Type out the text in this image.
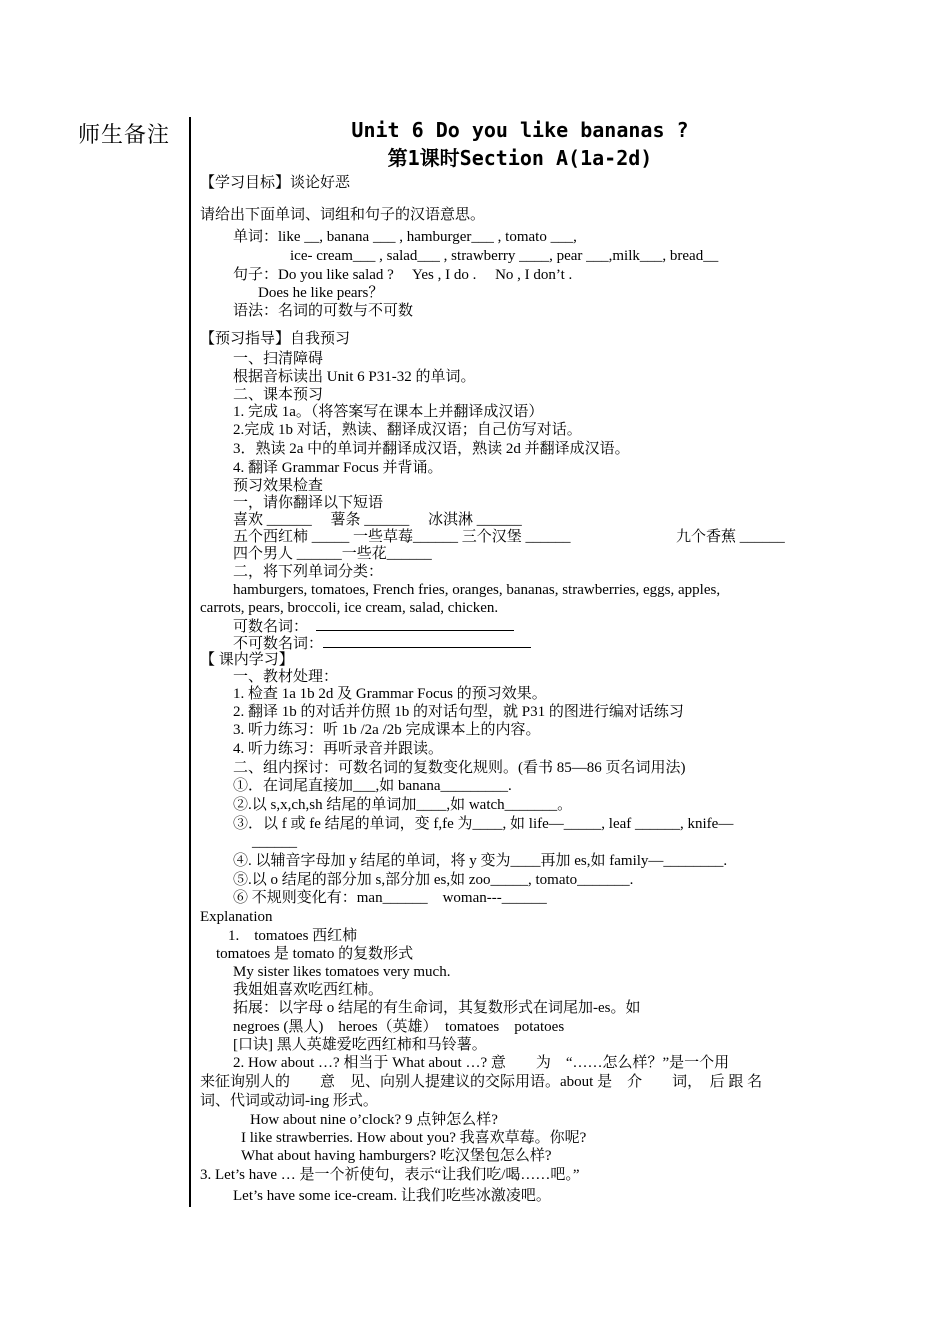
师生备注	Unit 6 Do you like bananas ?
第1课时Section A(1a-2d)
【学习目标】谈论好恶
请给出下面单词、词组和句子的汉语意思。
单词：like __, banana ___ , hamburger___ , tomato ___,
ice- cream___ , salad___ , strawberry ____, pear ___,milk___, bread__
句子：Do you like salad ?　 Yes , I do .　 No , I don’t .
Does he like pears？
语法：名词的可数与不可数
【预习指导】自我预习
一、扫清障碍
根据音标读出 Unit 6 P31-32 的单词。
二、课本预习
1. 完成 1a。（将答案写在课本上并翻译成汉语）
2.完成 1b 对话，熟读、翻译成汉语；自己仿写对话。
3．熟读 2a 中的单词并翻译成汉语，熟读 2d 并翻译成汉语。
4. 翻译 Grammar Focus 并背诵。
预习效果检查
一，请你翻译以下短语
喜欢 ______　 薯条 ______　 冰淇淋 ______
五个西红柿 _____ 一些草莓______ 三个汉堡 ______	九个香蕉 ______
四个男人 ______一些花______
二，将下列单词分类：
hamburgers, tomatoes, French fries, oranges, bananas, strawberries, eggs, apples,
carrots, pears, broccoli, ice cream, salad, chicken.
可数名词：　
不可数名词：
【 课内学习】
一、教材处理：
1. 检查 1a 1b 2d 及 Grammar Focus 的预习效果。
2. 翻译 1b 的对话并仿照 1b 的对话句型，就 P31 的图进行编对话练习
3. 听力练习：听 1b /2a /2b 完成课本上的内容。
4. 听力练习：再听录音并跟读。
二、组内探讨：可数名词的复数变化规则。(看书 85—86 页名词用法)
①．在词尾直接加___,如 banana_________.
②.以 s,x,ch,sh 结尾的单词加____,如 watch_______。
③．以 f 或 fe 结尾的单词，变 f,fe 为____, 如 life—_____, leaf ______, knife—
______
④. 以辅音字母加 y 结尾的单词，将 y 变为____再加 es,如 family—________.
⑤.以 o 结尾的部分加 s,部分加 es,如 zoo_____, tomato_______.
⑥ 不规则变化有：man______　woman---______
Explanation
1.　tomatoes 西红柿
tomatoes 是 tomato 的复数形式
My sister likes tomatoes very much.
我姐姐喜欢吃西红柿。
拓展：以字母 o 结尾的有生命词，其复数形式在词尾加-es。如
negroes (黑人)　heroes（英雄）　tomatoes　potatoes
[口诀] 黑人英雄爱吃西红柿和马铃薯。
2. How about …? 相当于 What about …? 意　　为　“……怎么样？”是一个用
来征询别人的　　意　见、向别人提建议的交际用语。about 是　介　　词，　后 跟 名
词、代词或动词-ing 形式。
How about nine o’clock? 9 点钟怎么样?
I like strawberries. How about you? 我喜欢草莓。你呢?
What about having hamburgers? 吃汉堡包怎么样?
3. Let’s have … 是一个祈使句，表示“让我们吃/喝……吧。”
Let’s have some ice-cream. 让我们吃些冰激凌吧。
